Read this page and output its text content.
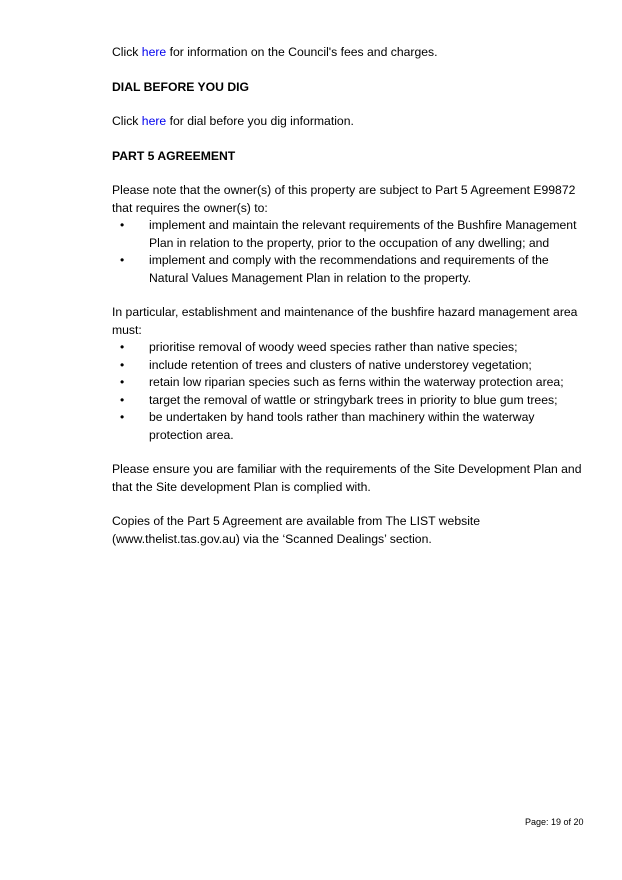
Click here for information on the Council's fees and charges.

DIAL BEFORE YOU DIG

Click here for dial before you dig information.

PART 5 AGREEMENT

Please note that the owner(s) of this property are subject to Part 5 Agreement E99872 that requires the owner(s) to:

• implement and maintain the relevant requirements of the Bushfire Management Plan in relation to the property, prior to the occupation of any dwelling; and
• implement and comply with the recommendations and requirements of the Natural Values Management Plan in relation to the property.

In particular, establishment and maintenance of the bushfire hazard management area must:

• prioritise removal of woody weed species rather than native species;
• include retention of trees and clusters of native understorey vegetation;
• retain low riparian species such as ferns within the waterway protection area;
• target the removal of wattle or stringybark trees in priority to blue gum trees;
• be undertaken by hand tools rather than machinery within the waterway protection area.

Please ensure you are familiar with the requirements of the Site Development Plan and that the Site development Plan is complied with.

Copies of the Part 5 Agreement are available from The LIST website (www.thelist.tas.gov.au) via the ‘Scanned Dealings’ section.

Page: 19 of 20
